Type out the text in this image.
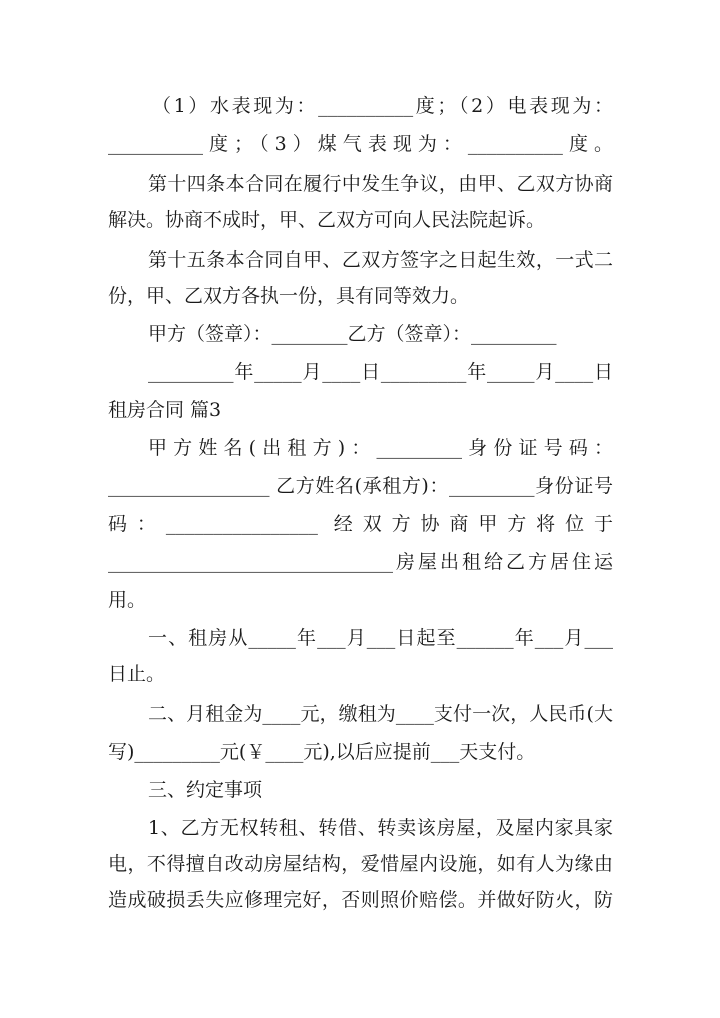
（1）水表现为：__________度；（2）电表现为：
__________度；（3）煤气表现为：__________度。
第十四条本合同在履行中发生争议，由甲、乙双方协商
解决。协商不成时，甲、乙双方可向人民法院起诉。
第十五条本合同自甲、乙双方签字之日起生效，一式二
份，甲、乙双方各执一份，具有同等效力。
甲方（签章）：________乙方（签章）：_________
_________年_____月____日_________年_____月____日
租房合同 篇3
甲方姓名(出租方)：_________身份证号码：
_________________ 乙方姓名(承租方)：_________身份证号
码：________________ 经双方协商甲方将位于
______________________________房屋出租给乙方居住运
用。
一、租房从_____年___月___日起至______年___月___
日止。
二、月租金为____元，缴租为____支付一次，人民币(大
写)_________元(￥____元),以后应提前___天支付。
三、约定事项
1、乙方无权转租、转借、转卖该房屋，及屋内家具家
电，不得擅自改动房屋结构，爱惜屋内设施，如有人为缘由
造成破损丢失应修理完好，否则照价赔偿。并做好防火，防
